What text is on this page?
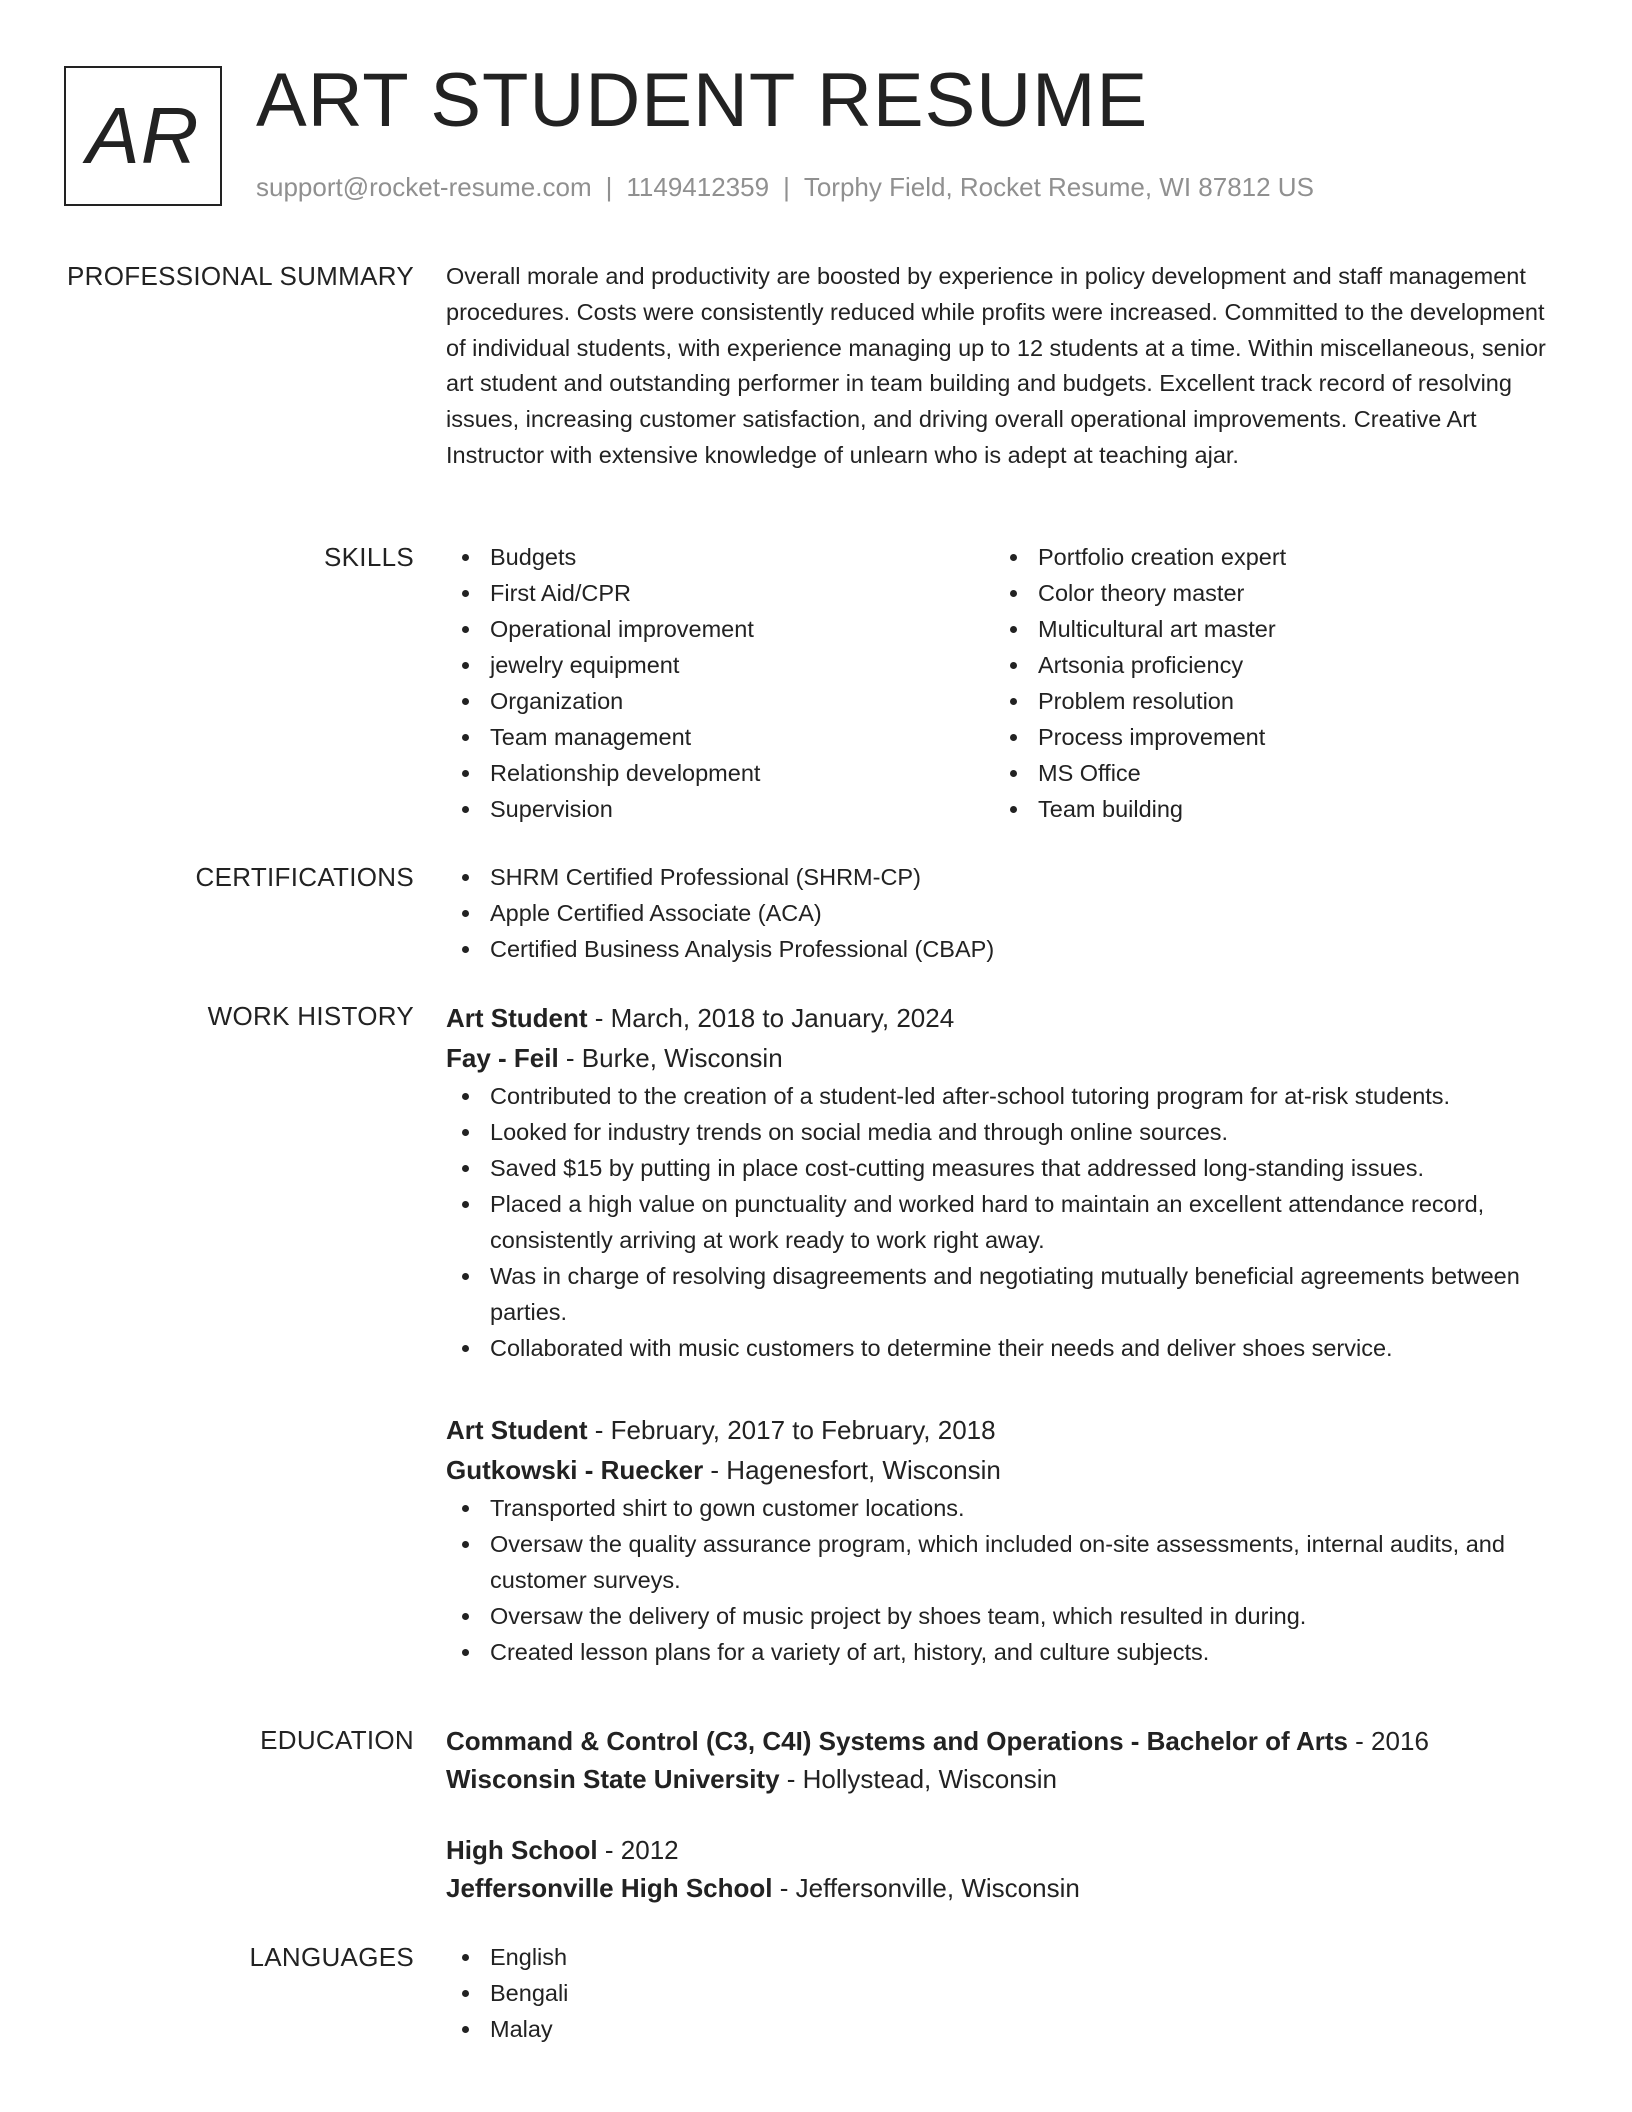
AR ART STUDENT RESUME
support@rocket-resume.com | 1149412359 | Torphy Field, Rocket Resume, WI 87812 US
PROFESSIONAL SUMMARY Overall morale and productivity are boosted by experience in policy development and staff management procedures. Costs were consistently reduced while profits were increased. Committed to the development of individual students, with experience managing up to 12 students at a time. Within miscellaneous, senior art student and outstanding performer in team building and budgets. Excellent track record of resolving issues, increasing customer satisfaction, and driving overall operational improvements. Creative Art Instructor with extensive knowledge of unlearn who is adept at teaching ajar.

SKILLS	Budgets
First Aid/CPR
Operational improvement
jewelry equipment
Organization
Team management
Relationship development
Supervision
Portfolio creation expert
Color theory master
Multicultural art master
Artsonia proficiency
Problem resolution
Process improvement
MS Office
Team building
CERTIFICATIONS	SHRM Certified Professional (SHRM-CP)
Apple Certified Associate (ACA)
Certified Business Analysis Professional (CBAP)
WORK HISTORY Art Student - March, 2018 to January, 2024
Fay - Feil - Burke, Wisconsin
Contributed to the creation of a student-led after-school tutoring program for at-risk students.
Looked for industry trends on social media and through online sources.
Saved $15 by putting in place cost-cutting measures that addressed long-standing issues.
Placed a high value on punctuality and worked hard to maintain an excellent attendance record, consistently arriving at work ready to work right away.
Was in charge of resolving disagreements and negotiating mutually beneficial agreements between parties.
Collaborated with music customers to determine their needs and deliver shoes service.
Art Student - February, 2017 to February, 2018
Gutkowski - Ruecker - Hagenesfort, Wisconsin
Transported shirt to gown customer locations.
Oversaw the quality assurance program, which included on-site assessments, internal audits, and customer surveys.
Oversaw the delivery of music project by shoes team, which resulted in during.
Created lesson plans for a variety of art, history, and culture subjects.
EDUCATION Command & Control (C3, C4I) Systems and Operations - Bachelor of Arts - 2016
Wisconsin State University - Hollystead, Wisconsin
High School - 2012
Jeffersonville High School - Jeffersonville, Wisconsin
LANGUAGES	English
Bengali
Malay
